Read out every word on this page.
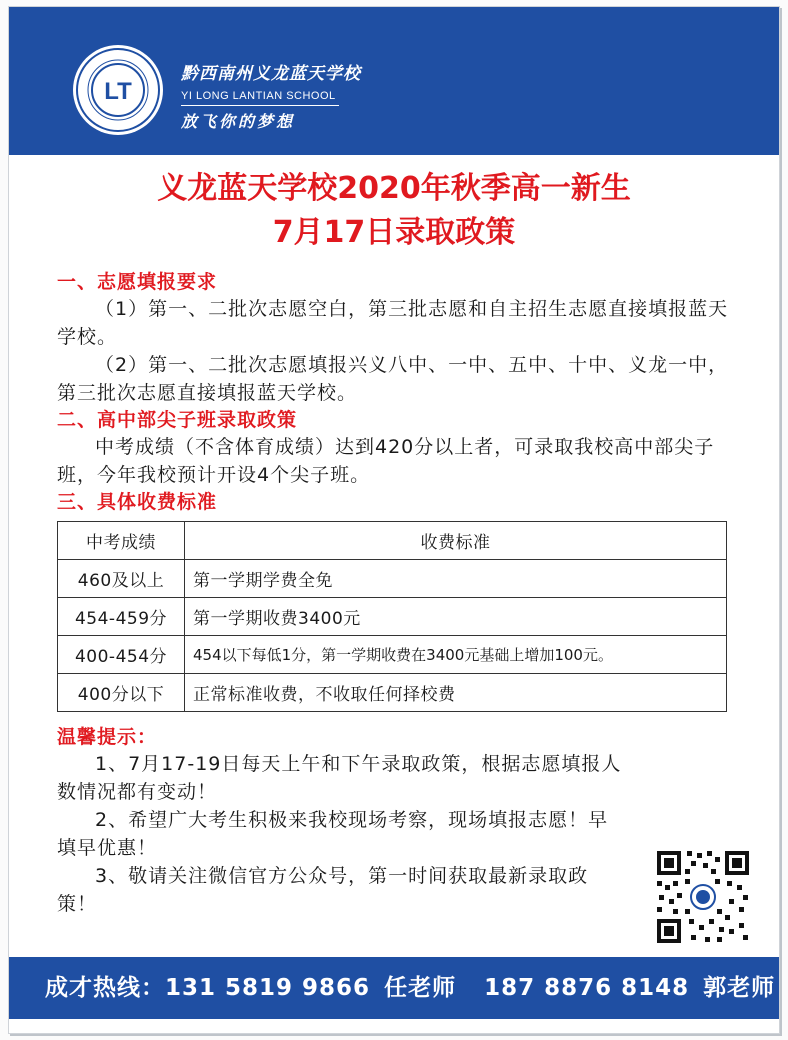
LT
黔西南州义龙蓝天学校
YI LONG LANTIAN SCHOOL
放飞你的梦想
义龙蓝天学校2020年秋季高一新生
7月17日录取政策
一、志愿填报要求

（1）第一、二批次志愿空白，第三批志愿和自主招生志愿直接填报蓝天学校。

（2）第一、二批次志愿填报兴义八中、一中、五中、十中、义龙一中，第三批次志愿直接填报蓝天学校。

二、高中部尖子班录取政策

中考成绩（不含体育成绩）达到420分以上者，可录取我校高中部尖子班，今年我校预计开设4个尖子班。

三、具体收费标准
中考成绩	收费标准
460及以上	第一学期学费全免
454-459分	第一学期收费3400元
400-454分	454以下每低1分，第一学期收费在3400元基础上增加100元。
400分以下	正常标准收费，不收取任何择校费
温馨提示：

1、7月17-19日每天上午和下午录取政策，根据志愿填报人数情况都有变动！

2、希望广大考生积极来我校现场考察，现场填报志愿！早填早优惠！

3、敬请关注微信官方公众号，第一时间获取最新录取政策！

成才热线：131 5819 9866 任老师 187 8876 8148 郭老师
